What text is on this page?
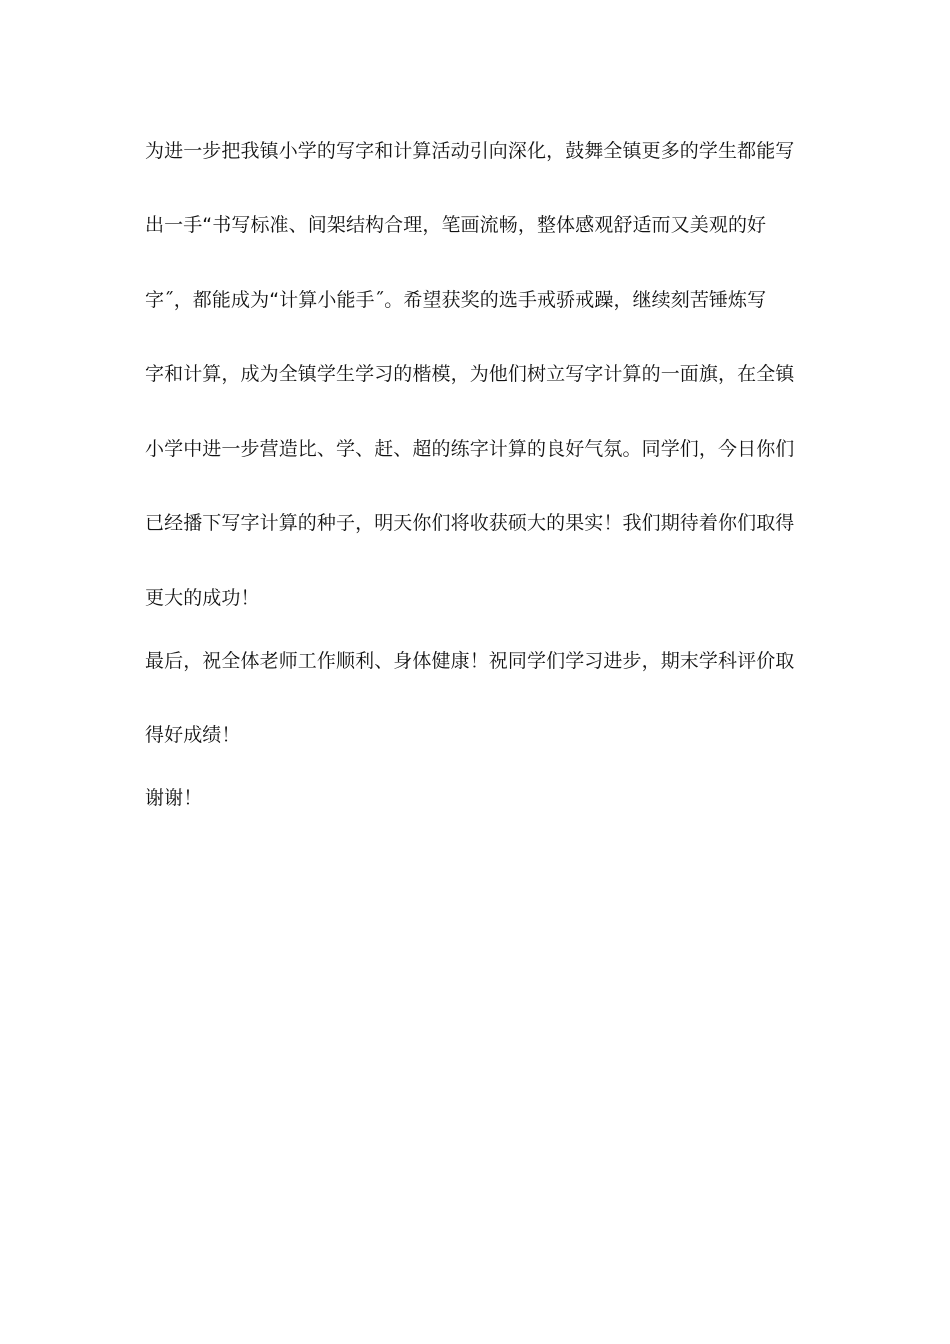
为进一步把我镇小学的写字和计算活动引向深化，鼓舞全镇更多的学生都能写
出一手“书写标准、间架结构合理，笔画流畅，整体感观舒适而又美观的好
字˝，都能成为“计算小能手˝。希望获奖的选手戒骄戒躁，继续刻苦锤炼写
字和计算，成为全镇学生学习的楷模，为他们树立写字计算的一面旗，在全镇
小学中进一步营造比、学、赶、超的练字计算的良好气氛。同学们，今日你们
已经播下写字计算的种子，明天你们将收获硕大的果实！我们期待着你们取得
更大的成功！
最后，祝全体老师工作顺利、身体健康！祝同学们学习进步，期末学科评价取
得好成绩！
谢谢！
